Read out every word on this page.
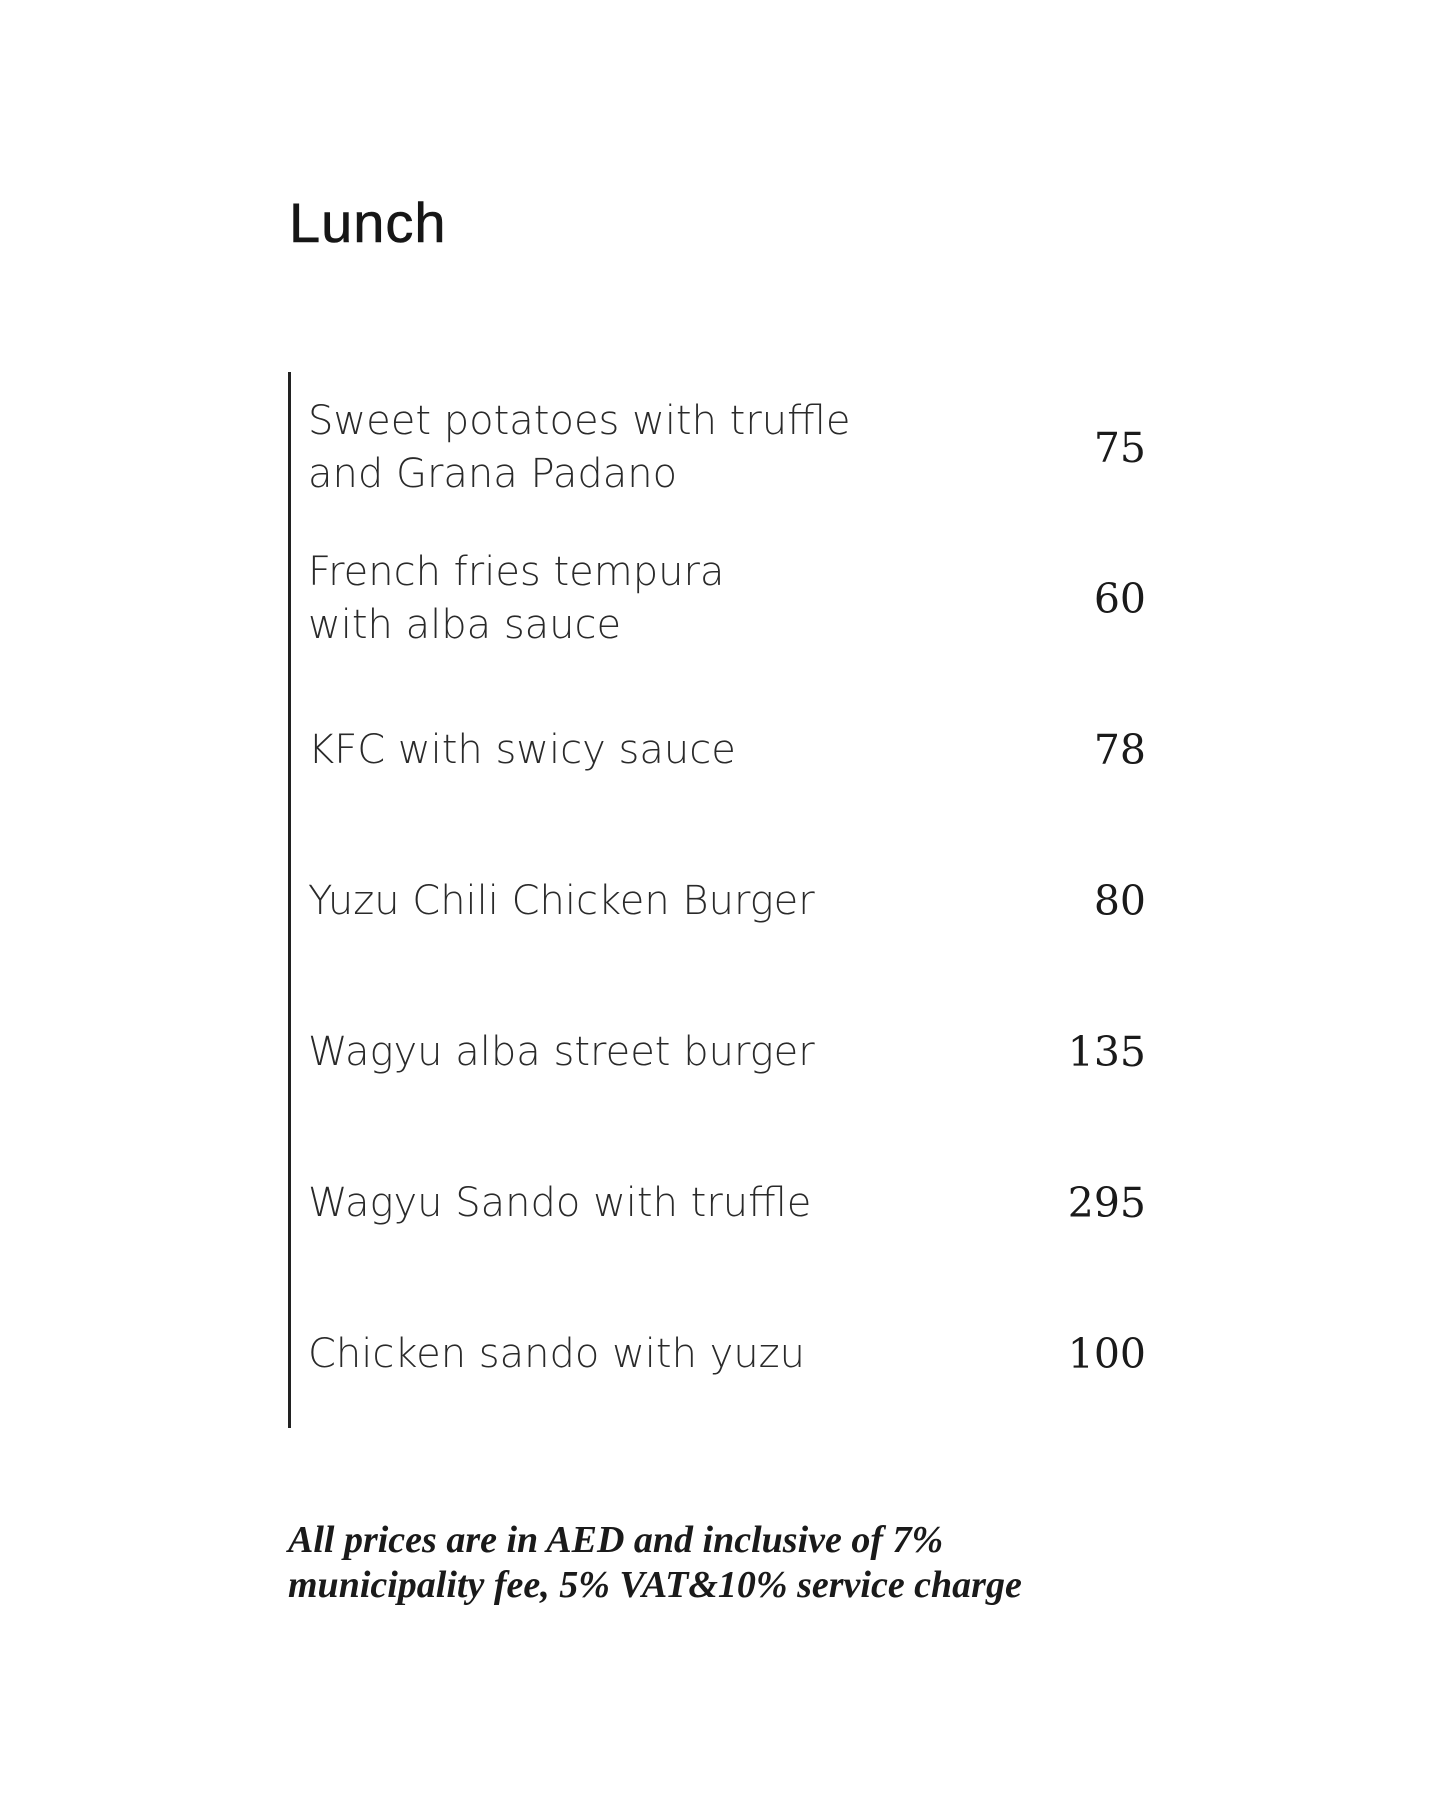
Lunch
Sweet potatoes with truffle
and Grana Padano
75
French fries tempura
with alba sauce
60
KFC with swicy sauce	78
Yuzu Chili Chicken Burger	80
Wagyu alba street burger	135
Wagyu Sando with truffle	295
Chicken sando with yuzu	100

All prices are in AED and inclusive of 7%
municipality fee, 5% VAT&10% service charge
